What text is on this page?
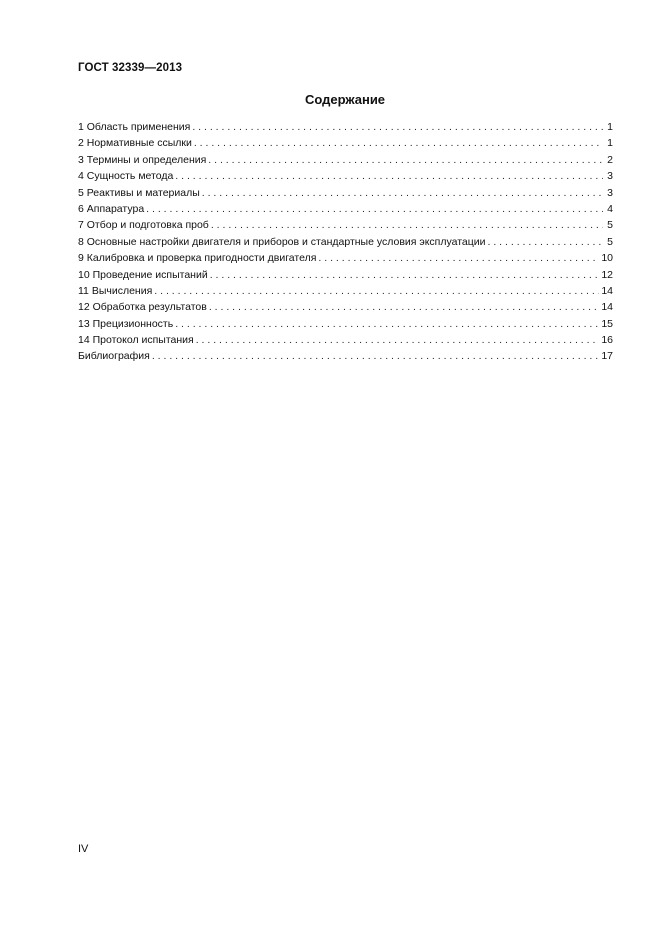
ГОСТ 32339—2013
Содержание
1 Область применения . . .	1
2 Нормативные ссылки . . .	1
3 Термины и определения . . .	2
4 Сущность метода . . .	3
5 Реактивы и материалы . . .	3
6 Аппаратура . . .	4
7 Отбор и подготовка проб . . .	5
8 Основные настройки двигателя и приборов и стандартные условия эксплуатации . . .	5
9 Калибровка и проверка пригодности двигателя . . .	10
10 Проведение испытаний . . .	12
11 Вычисления . . .	14
12 Обработка результатов . . .	14
13 Прецизионность . . .	15
14 Протокол испытания . . .	16
Библиография . . .	17
IV
